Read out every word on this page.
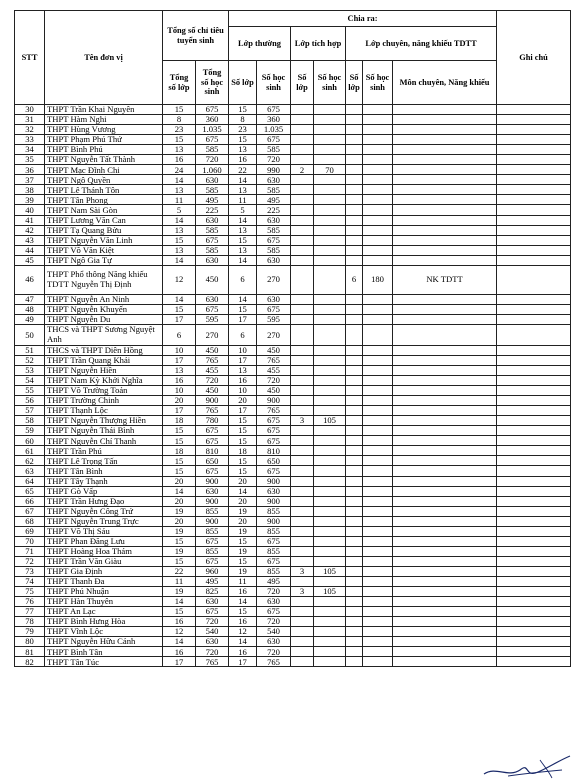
STT	Tên đơn vị	Tổng số chỉ tiêu tuyển sinh		Chia ra:							Ghi chú
				Lớp thường		Lớp tích hợp		Lớp chuyên, năng khiếu TDTT			
		Tổng số lớp	Tổng số học sinh	Số lớp	Số học sinh	Số lớp	Số học sinh	Số lớp	Số học sinh	Môn chuyên, Năng khiếu	
30	THPT Trần Khai Nguyên	15	675	15	675						
31	THPT Hàm Nghi	8	360	8	360						
32	THPT Hùng Vương	23	1.035	23	1.035						
33	THPT Phạm Phú Thứ	15	675	15	675						
34	THPT Bình Phú	13	585	13	585						
35	THPT Nguyễn Tất Thành	16	720	16	720						
36	THPT Mạc Đĩnh Chi	24	1.060	22	990	2	70				
37	THPT Ngô Quyền	14	630	14	630						
38	THPT Lê Thánh Tôn	13	585	13	585						
39	THPT Tân Phong	11	495	11	495						
40	THPT Nam Sài Gòn	5	225	5	225						
41	THPT Lương Văn Can	14	630	14	630						
42	THPT Tạ Quang Bửu	13	585	13	585						
43	THPT Nguyễn Văn Linh	15	675	15	675						
44	THPT Võ Văn Kiệt	13	585	13	585						
45	THPT Ngô Gia Tự	14	630	14	630						
46	THPT Phổ thông Năng khiếu TDTT Nguyễn Thị Định	12	450	6	270			6	180	NK TDTT	
47	THPT Nguyễn An Ninh	14	630	14	630						
48	THPT Nguyễn Khuyến	15	675	15	675						
49	THPT Nguyễn Du	17	595	17	595						
50	THCS và THPT Sương Nguyệt Anh	6	270	6	270						
51	THCS và THPT Diên Hồng	10	450	10	450						
52	THPT Trần Quang Khải	17	765	17	765						
53	THPT Nguyễn Hiền	13	455	13	455						
54	THPT Nam Kỳ Khởi Nghĩa	16	720	16	720						
55	THPT Võ Trường Toản	10	450	10	450						
56	THPT Trường Chinh	20	900	20	900						
57	THPT Thạnh Lộc	17	765	17	765						
58	THPT Nguyễn Thượng Hiền	18	780	15	675	3	105				
59	THPT Nguyễn Thái Bình	15	675	15	675						
60	THPT Nguyễn Chí Thanh	15	675	15	675						
61	THPT Trần Phú	18	810	18	810						
62	THPT Lê Trọng Tấn	15	650	15	650						
63	THPT Tân Bình	15	675	15	675						
64	THPT Tây Thạnh	20	900	20	900						
65	THPT Gò Vấp	14	630	14	630						
66	THPT Trần Hưng Đạo	20	900	20	900						
67	THPT Nguyễn Công Trứ	19	855	19	855						
68	THPT Nguyễn Trung Trực	20	900	20	900						
69	THPT Võ Thị Sáu	19	855	19	855						
70	THPT Phan Đăng Lưu	15	675	15	675						
71	THPT Hoàng Hoa Thám	19	855	19	855						
72	THPT Trần Văn Giàu	15	675	15	675						
73	THPT Gia Định	22	960	19	855	3	105				
74	THPT Thanh Đa	11	495	11	495						
75	THPT Phú Nhuận	19	825	16	720	3	105				
76	THPT Hàn Thuyên	14	630	14	630						
77	THPT An Lạc	15	675	15	675						
78	THPT Bình Hưng Hòa	16	720	16	720						
79	THPT Vĩnh Lộc	12	540	12	540						
80	THPT Nguyễn Hữu Cảnh	14	630	14	630						
81	THPT Bình Tân	16	720	16	720						
82	THPT Tân Túc	17	765	17	765						
